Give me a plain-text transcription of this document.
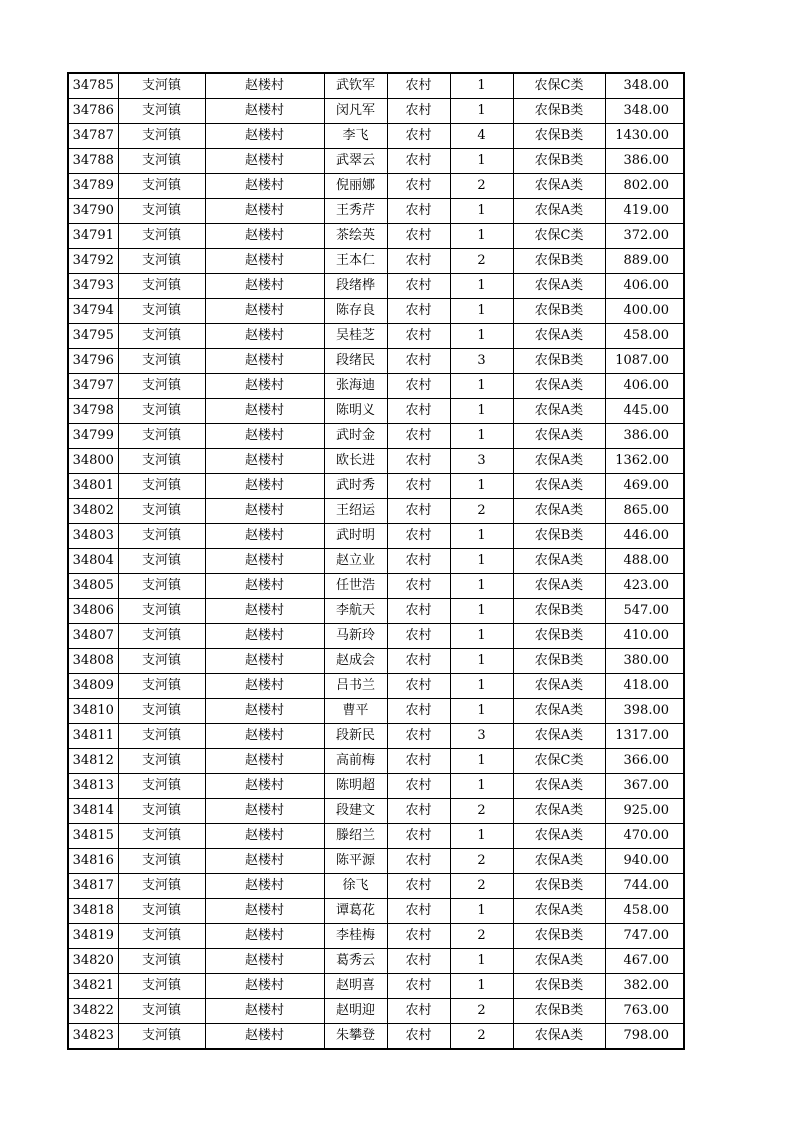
34785	支河镇	赵楼村	武钦军	农村	1	农保C类	348.00
34786	支河镇	赵楼村	闵凡军	农村	1	农保B类	348.00
34787	支河镇	赵楼村	李飞	农村	4	农保B类	1430.00
34788	支河镇	赵楼村	武翠云	农村	1	农保B类	386.00
34789	支河镇	赵楼村	倪丽娜	农村	2	农保A类	802.00
34790	支河镇	赵楼村	王秀芹	农村	1	农保A类	419.00
34791	支河镇	赵楼村	茶绘英	农村	1	农保C类	372.00
34792	支河镇	赵楼村	王本仁	农村	2	农保B类	889.00
34793	支河镇	赵楼村	段绪桦	农村	1	农保A类	406.00
34794	支河镇	赵楼村	陈存良	农村	1	农保B类	400.00
34795	支河镇	赵楼村	吴桂芝	农村	1	农保A类	458.00
34796	支河镇	赵楼村	段绪民	农村	3	农保B类	1087.00
34797	支河镇	赵楼村	张海迪	农村	1	农保A类	406.00
34798	支河镇	赵楼村	陈明义	农村	1	农保A类	445.00
34799	支河镇	赵楼村	武时金	农村	1	农保A类	386.00
34800	支河镇	赵楼村	欧长进	农村	3	农保A类	1362.00
34801	支河镇	赵楼村	武时秀	农村	1	农保A类	469.00
34802	支河镇	赵楼村	王绍运	农村	2	农保A类	865.00
34803	支河镇	赵楼村	武时明	农村	1	农保B类	446.00
34804	支河镇	赵楼村	赵立业	农村	1	农保A类	488.00
34805	支河镇	赵楼村	任世浩	农村	1	农保A类	423.00
34806	支河镇	赵楼村	李航天	农村	1	农保B类	547.00
34807	支河镇	赵楼村	马新玲	农村	1	农保B类	410.00
34808	支河镇	赵楼村	赵成会	农村	1	农保B类	380.00
34809	支河镇	赵楼村	吕书兰	农村	1	农保A类	418.00
34810	支河镇	赵楼村	曹平	农村	1	农保A类	398.00
34811	支河镇	赵楼村	段新民	农村	3	农保A类	1317.00
34812	支河镇	赵楼村	高前梅	农村	1	农保C类	366.00
34813	支河镇	赵楼村	陈明超	农村	1	农保A类	367.00
34814	支河镇	赵楼村	段建文	农村	2	农保A类	925.00
34815	支河镇	赵楼村	滕绍兰	农村	1	农保A类	470.00
34816	支河镇	赵楼村	陈平源	农村	2	农保A类	940.00
34817	支河镇	赵楼村	徐飞	农村	2	农保B类	744.00
34818	支河镇	赵楼村	谭葛花	农村	1	农保A类	458.00
34819	支河镇	赵楼村	李桂梅	农村	2	农保B类	747.00
34820	支河镇	赵楼村	葛秀云	农村	1	农保A类	467.00
34821	支河镇	赵楼村	赵明喜	农村	1	农保B类	382.00
34822	支河镇	赵楼村	赵明迎	农村	2	农保B类	763.00
34823	支河镇	赵楼村	朱攀登	农村	2	农保A类	798.00
